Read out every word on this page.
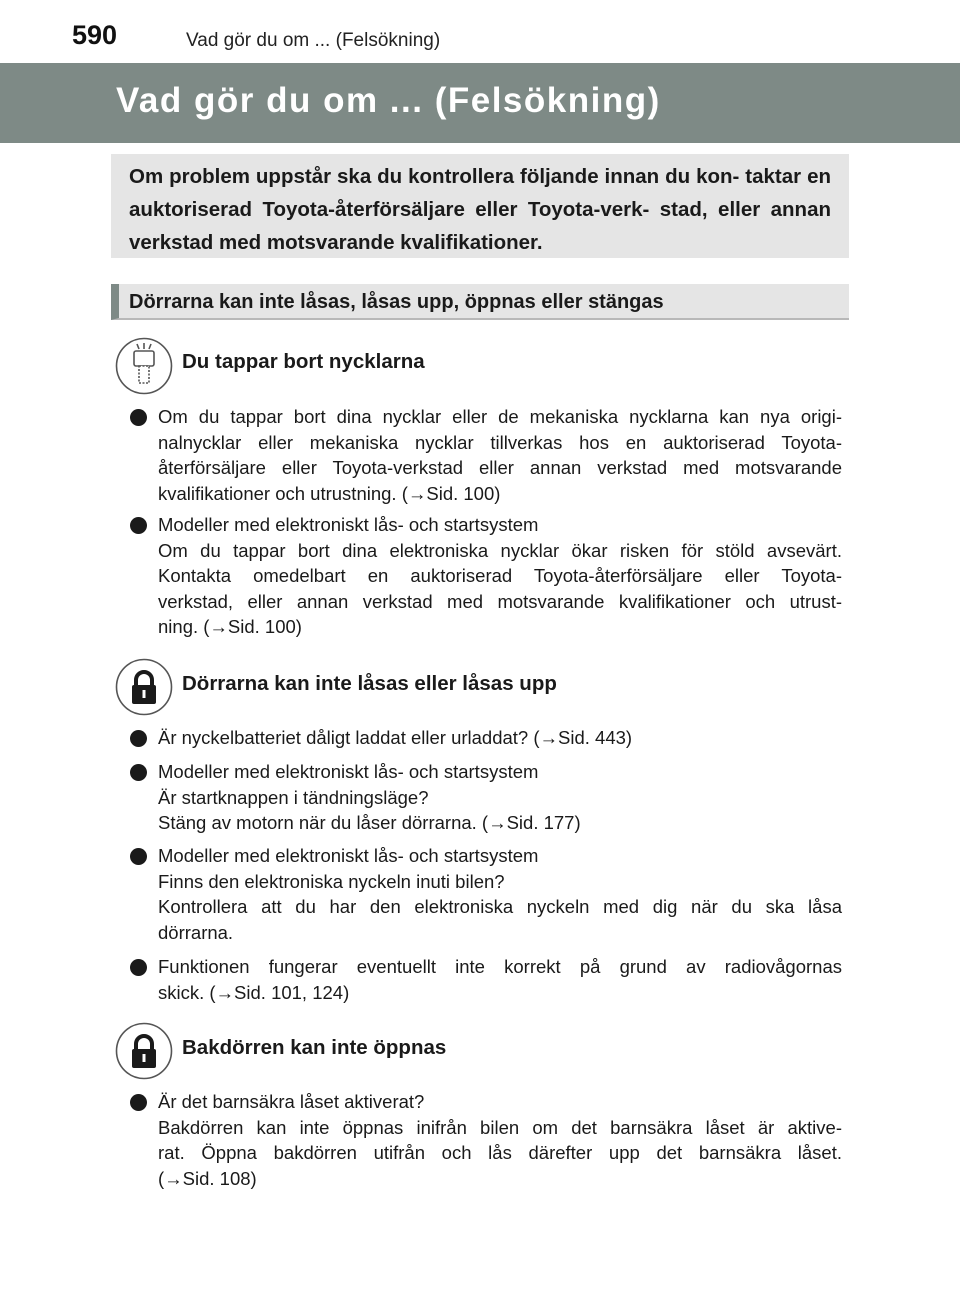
590	Vad gör du om ... (Felsökning)
Vad gör du om ... (Felsökning)

Om problem uppstår ska du kontrollera följande innan du kon- taktar en auktoriserad Toyota-återförsäljare eller Toyota-verk- stad, eller annan verkstad med motsvarande kvalifikationer.

Dörrarna kan inte låsas, låsas upp, öppnas eller stängas
Du tappar bort nycklarna
Om du tappar bort dina nycklar eller de mekaniska nycklarna kan nya origi-
nalnycklar eller mekaniska nycklar tillverkas hos en auktoriserad Toyota-
återförsäljare eller Toyota-verkstad eller annan verkstad med motsvarande
kvalifikationer och utrustning. (→Sid. 100)
Modeller med elektroniskt lås- och startsystem
Om du tappar bort dina elektroniska nycklar ökar risken för stöld avsevärt.
Kontakta omedelbart en auktoriserad Toyota-återförsäljare eller Toyota-
verkstad, eller annan verkstad med motsvarande kvalifikationer och utrust-
ning. (→Sid. 100)
Dörrarna kan inte låsas eller låsas upp
Är nyckelbatteriet dåligt laddat eller urladdat? (→Sid. 443)
Modeller med elektroniskt lås- och startsystem
Är startknappen i tändningsläge?
Stäng av motorn när du låser dörrarna. (→Sid. 177)
Modeller med elektroniskt lås- och startsystem
Finns den elektroniska nyckeln inuti bilen?
Kontrollera att du har den elektroniska nyckeln med dig när du ska låsa
dörrarna.
Funktionen fungerar eventuellt inte korrekt på grund av radiovågornas
skick. (→Sid. 101, 124)
Bakdörren kan inte öppnas
Är det barnsäkra låset aktiverat?
Bakdörren kan inte öppnas inifrån bilen om det barnsäkra låset är aktive-
rat. Öppna bakdörren utifrån och lås därefter upp det barnsäkra låset.
(→Sid. 108)
